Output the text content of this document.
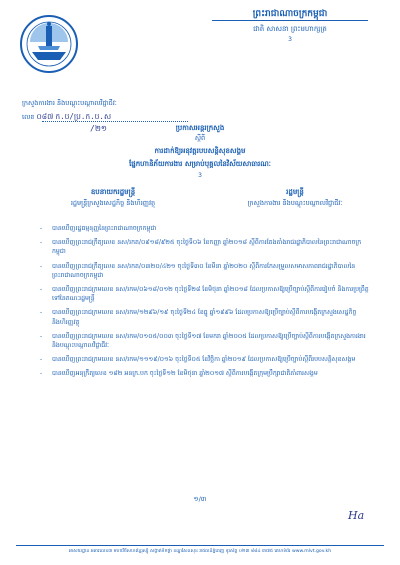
ព្រះរាជាណាចក្រកម្ពុជា
ជាតិ សាសនា ព្រះមហាក្សត្រ
3
ក្រសួងការងារ និងបណ្តុះបណ្តាលវិជ្ជាជីវៈ
លេខ ០៨៧ ក.ប/ប្រ.ក.ប.ស
/២១	ប្រកាសអន្តរក្រសួង
ស្តីពី
ការដាក់ឱ្យអនុវត្តរបបសន្តិសុខសង្គម
ផ្នែកហានិភ័យការងារ សម្រាប់បុគ្គលនៃវិស័យសាធារណៈ
3
ឧបនាយករដ្ឋមន្ត្រី
រដ្ឋមន្ត្រីក្រសួងសេដ្ឋកិច្ច និងហិរញ្ញវត្ថុ
រដ្ឋមន្ត្រី
ក្រសួងការងារ និងបណ្តុះបណ្តាលវិជ្ជាជីវៈ
- បានឃើញរដ្ឋធម្មនុញ្ញនៃព្រះរាជាណាចក្រកម្ពុជា
- បានឃើញព្រះរាជក្រឹត្យលេខ នស/រកត/០៩១៨/៩២៥ ចុះថ្ងៃទី០៦ ខែកញ្ញា ឆ្នាំ២០១៨ ស្តីពីការតែងតាំងរាជរដ្ឋាភិបាលនៃព្រះរាជាណាចក្រកម្ពុជា
- បានឃើញព្រះរាជក្រឹត្យលេខ នស/រកត/០៣២០/៤២១ ចុះថ្ងៃទី៣០ ខែមីនា ឆ្នាំ២០២០ ស្តីពីការកែសម្រួលសមាសភាពរាជរដ្ឋាភិបាលនៃព្រះរាជាណាចក្រកម្ពុជា
- បានឃើញព្រះរាជក្រមលេខ នស/រកម/០៦១៨/០១២ ចុះថ្ងៃទី២៨ ខែមិថុនា ឆ្នាំ២០១៨ ដែលប្រកាសឱ្យប្រើច្បាប់ស្តីពីការរៀបចំ និងការប្រព្រឹត្តទៅនៃគណៈរដ្ឋមន្ត្រី
- បានឃើញព្រះរាជក្រមលេខ នស/រកម/១២៩៦/១៩ ចុះថ្ងៃទី២៤ ខែធ្នូ ឆ្នាំ១៩៩៦ ដែលប្រកាសឱ្យប្រើច្បាប់ស្តីពីការបង្កើតក្រសួងសេដ្ឋកិច្ច និងហិរញ្ញវត្ថុ
- បានឃើញព្រះរាជក្រមលេខ នស/រកម/០១០៥/០០៣ ចុះថ្ងៃទី១៧ ខែមករា ឆ្នាំ២០០៥ ដែលប្រកាសឱ្យប្រើច្បាប់ស្តីពីការបង្កើតក្រសួងការងារ និងបណ្តុះបណ្តាលវិជ្ជាជីវៈ
- បានឃើញព្រះរាជក្រមលេខ នស/រកម/១១១៩/០១៦ ចុះថ្ងៃទី០៥ ខែវិច្ឆិកា ឆ្នាំ២០១៩ ដែលប្រកាសឱ្យប្រើច្បាប់ស្តីពីរបបសន្តិសុខសង្គម
- បានឃើញអនុក្រឹត្យលេខ ១៨២ អនក្រ.បក ចុះថ្ងៃទី១២ ខែមិថុនា ឆ្នាំ២០១៧ ស្តីពីការបង្កើតក្រុមប្រឹក្សាជាតិគាំពារសង្គម
១/៣
Ha
អាសយដ្ឋាន អគារលេខ៣ មហាវិថីសហព័ន្ធរុស្ស៊ី សង្កាត់ទឹកថ្លា ខណ្ឌសែនសុខ រាជធានីភ្នំពេញ ទូរស័ព្ទ ០២៣ ៨៨៤ ៣៧៥ គេហទំព័រ www.mlvt.gov.kh
